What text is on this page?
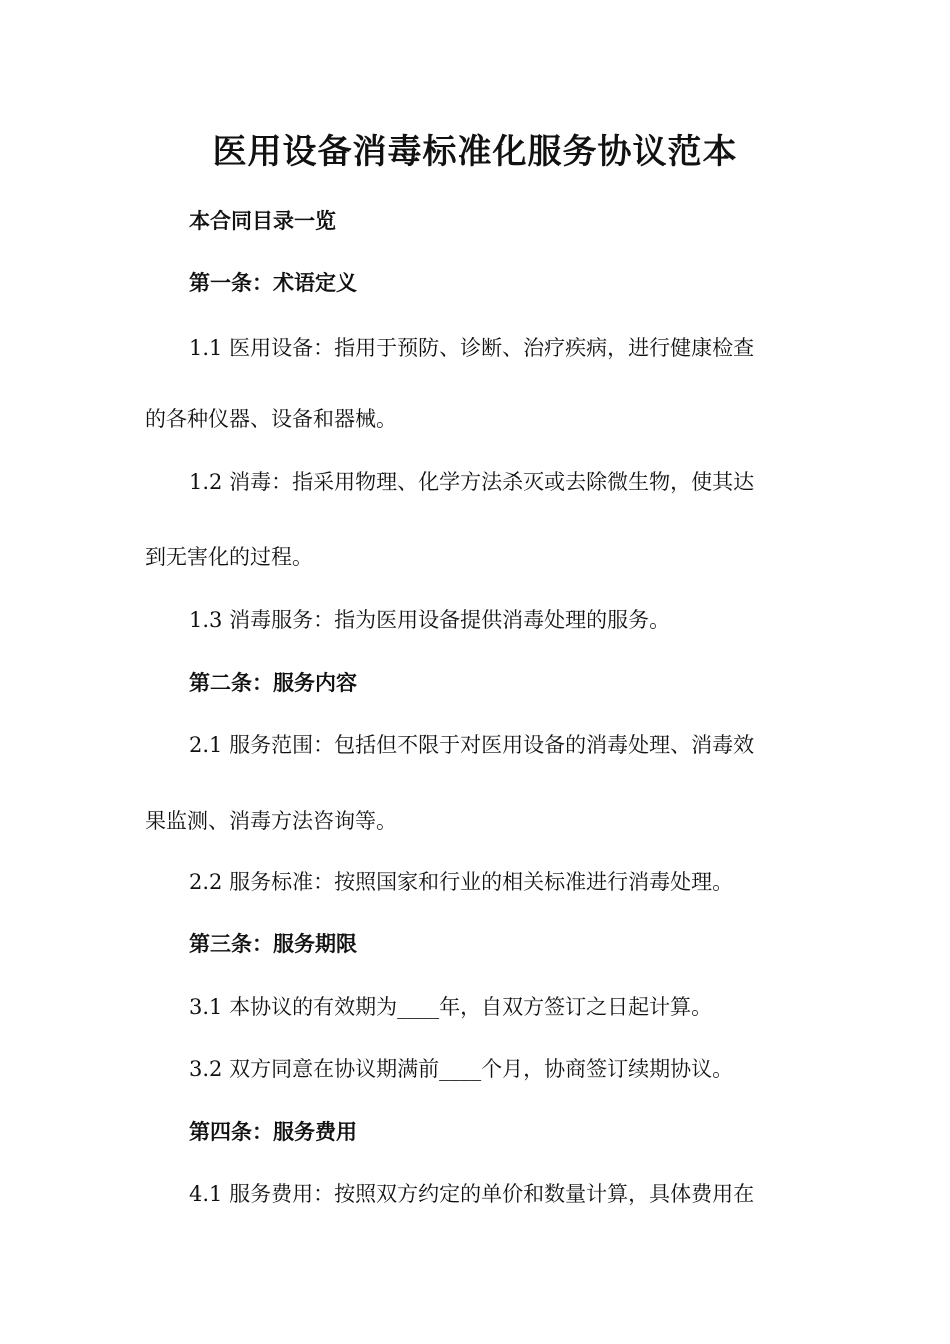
医用设备消毒标准化服务协议范本
本合同目录一览
第一条：术语定义
1.1 医用设备：指用于预防、诊断、治疗疾病，进行健康检查
的各种仪器、设备和器械。
1.2 消毒：指采用物理、化学方法杀灭或去除微生物，使其达
到无害化的过程。
1.3 消毒服务：指为医用设备提供消毒处理的服务。
第二条：服务内容
2.1 服务范围：包括但不限于对医用设备的消毒处理、消毒效
果监测、消毒方法咨询等。
2.2 服务标准：按照国家和行业的相关标准进行消毒处理。
第三条：服务期限
3.1 本协议的有效期为____年，自双方签订之日起计算。
3.2 双方同意在协议期满前____个月，协商签订续期协议。
第四条：服务费用
4.1 服务费用：按照双方约定的单价和数量计算，具体费用在
